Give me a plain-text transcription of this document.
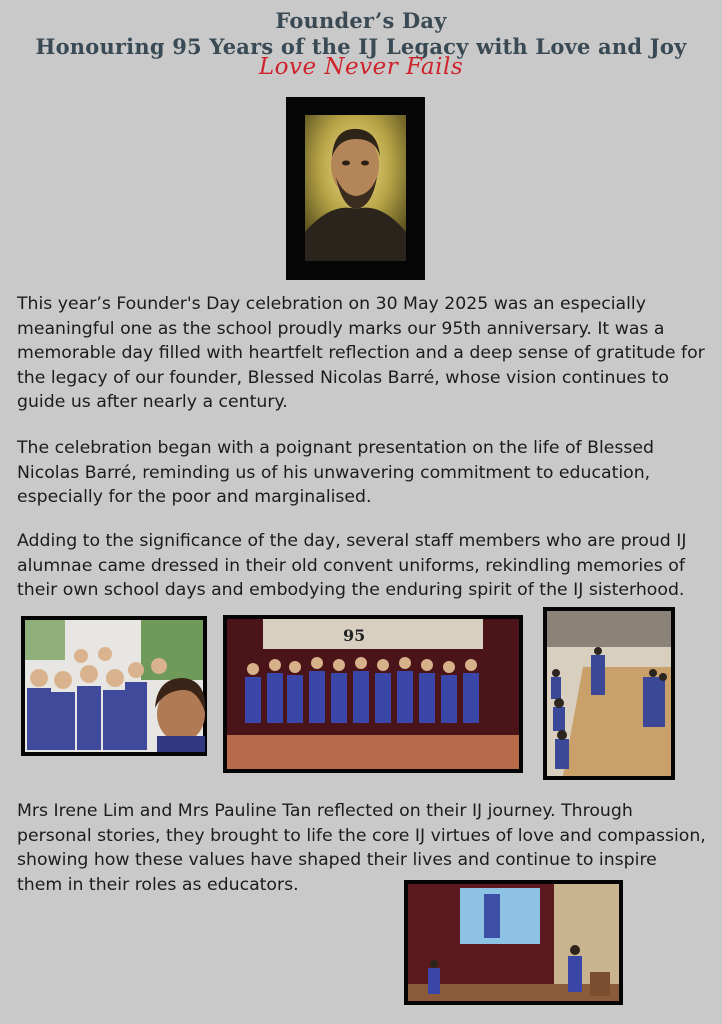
Founder’s Day
Honouring 95 Years of the IJ Legacy with Love and Joy
Love Never Fails

This year’s Founder's Day celebration on 30 May 2025 was an especially meaningful one as the school proudly marks our 95th anniversary. It was a memorable day filled with heartfelt reflection and a deep sense of gratitude for the legacy of our founder, Blessed Nicolas Barré, whose vision continues to guide us after nearly a century.

The celebration began with a poignant presentation on the life of Blessed Nicolas Barré, reminding us of his unwavering commitment to education, especially for the poor and marginalised.

Adding to the significance of the day, several staff members who are proud IJ alumnae came dressed in their old convent uniforms, rekindling memories of their own school days and embodying the enduring spirit of the IJ sisterhood.

95

Mrs Irene Lim and Mrs Pauline Tan reflected on their IJ journey. Through personal stories, they brought to life the core IJ virtues of love and compassion, showing how these values have shaped their lives and continue to inspire them in their roles as educators.
